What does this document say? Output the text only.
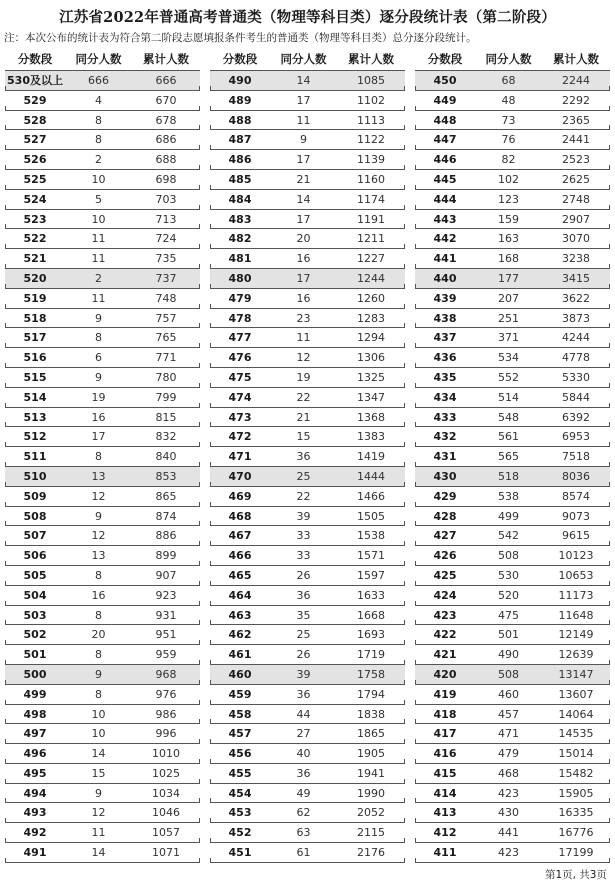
江苏省2022年普通高考普通类（物理等科目类）逐分段统计表（第二阶段）
注：本次公布的统计表为符合第二阶段志愿填报条件考生的普通类（物理等科目类）总分逐分段统计。
分数段	同分人数	累计人数
530及以上	666	666
529	4	670
528	8	678
527	8	686
526	2	688
525	10	698
524	5	703
523	10	713
522	11	724
521	11	735
520	2	737
519	11	748
518	9	757
517	8	765
516	6	771
515	9	780
514	19	799
513	16	815
512	17	832
511	8	840
510	13	853
509	12	865
508	9	874
507	12	886
506	13	899
505	8	907
504	16	923
503	8	931
502	20	951
501	8	959
500	9	968
499	8	976
498	10	986
497	10	996
496	14	1010
495	15	1025
494	9	1034
493	12	1046
492	11	1057
491	14	1071
分数段	同分人数	累计人数
490	14	1085
489	17	1102
488	11	1113
487	9	1122
486	17	1139
485	21	1160
484	14	1174
483	17	1191
482	20	1211
481	16	1227
480	17	1244
479	16	1260
478	23	1283
477	11	1294
476	12	1306
475	19	1325
474	22	1347
473	21	1368
472	15	1383
471	36	1419
470	25	1444
469	22	1466
468	39	1505
467	33	1538
466	33	1571
465	26	1597
464	36	1633
463	35	1668
462	25	1693
461	26	1719
460	39	1758
459	36	1794
458	44	1838
457	27	1865
456	40	1905
455	36	1941
454	49	1990
453	62	2052
452	63	2115
451	61	2176
分数段	同分人数	累计人数
450	68	2244
449	48	2292
448	73	2365
447	76	2441
446	82	2523
445	102	2625
444	123	2748
443	159	2907
442	163	3070
441	168	3238
440	177	3415
439	207	3622
438	251	3873
437	371	4244
436	534	4778
435	552	5330
434	514	5844
433	548	6392
432	561	6953
431	565	7518
430	518	8036
429	538	8574
428	499	9073
427	542	9615
426	508	10123
425	530	10653
424	520	11173
423	475	11648
422	501	12149
421	490	12639
420	508	13147
419	460	13607
418	457	14064
417	471	14535
416	479	15014
415	468	15482
414	423	15905
413	430	16335
412	441	16776
411	423	17199
第1页, 共3页
